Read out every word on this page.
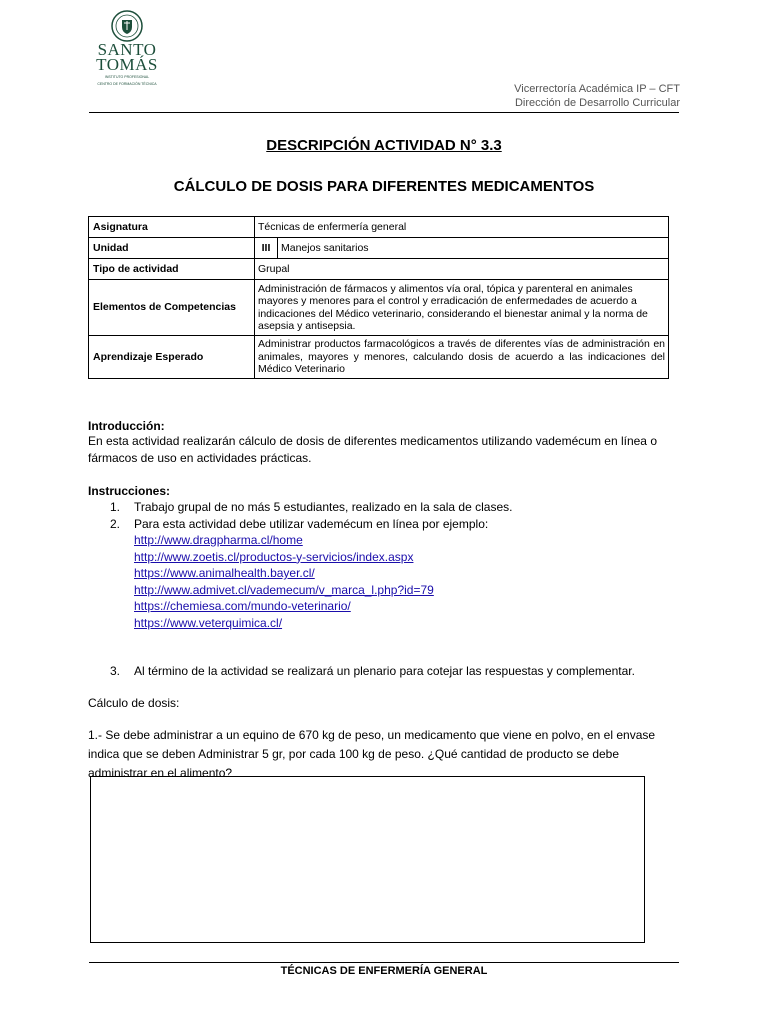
SANTO
TOMÁS
INSTITUTO PROFESIONAL
CENTRO DE FORMACIÓN TÉCNICA	Vicerrectoría Académica IP – CFT
Dirección de Desarrollo Curricular
DESCRIPCIÓN ACTIVIDAD N° 3.3
CÁLCULO DE DOSIS PARA DIFERENTES MEDICAMENTOS
Asignatura	Técnicas de enfermería general	
Unidad	III	Manejos sanitarios
Tipo de actividad	Grupal	
Elementos de Competencias	Administración de fármacos y alimentos vía oral, tópica y parenteral en animales mayores y menores para el control y erradicación de enfermedades de acuerdo a indicaciones del Médico veterinario, considerando el bienestar animal y la norma de asepsia y antisepsia.	
Aprendizaje Esperado	Administrar productos farmacológicos a través de diferentes vías de administración en animales, mayores y menores, calculando dosis de acuerdo a las indicaciones del Médico Veterinario	
Introducción:
En esta actividad realizarán cálculo de dosis de diferentes medicamentos utilizando vademécum en línea o fármacos de uso en actividades prácticas.
Instrucciones:
1. Trabajo grupal de no más 5 estudiantes, realizado en la sala de clases.
2. Para esta actividad debe utilizar vademécum en línea por ejemplo:
http://www.dragpharma.cl/home
http://www.zoetis.cl/productos-y-servicios/index.aspx
https://www.animalhealth.bayer.cl/
http://www.admivet.cl/vademecum/v_marca_l.php?id=79
https://chemiesa.com/mundo-veterinario/
https://www.veterquimica.cl/
3. Al término de la actividad se realizará un plenario para cotejar las respuestas y complementar.
Cálculo de dosis:
1.- Se debe administrar a un equino de 670 kg de peso, un medicamento que viene en polvo, en el envase indica que se deben Administrar 5 gr, por cada 100 kg de peso. ¿Qué cantidad de producto se debe administrar en el alimento?
TÉCNICAS DE ENFERMERÍA GENERAL
